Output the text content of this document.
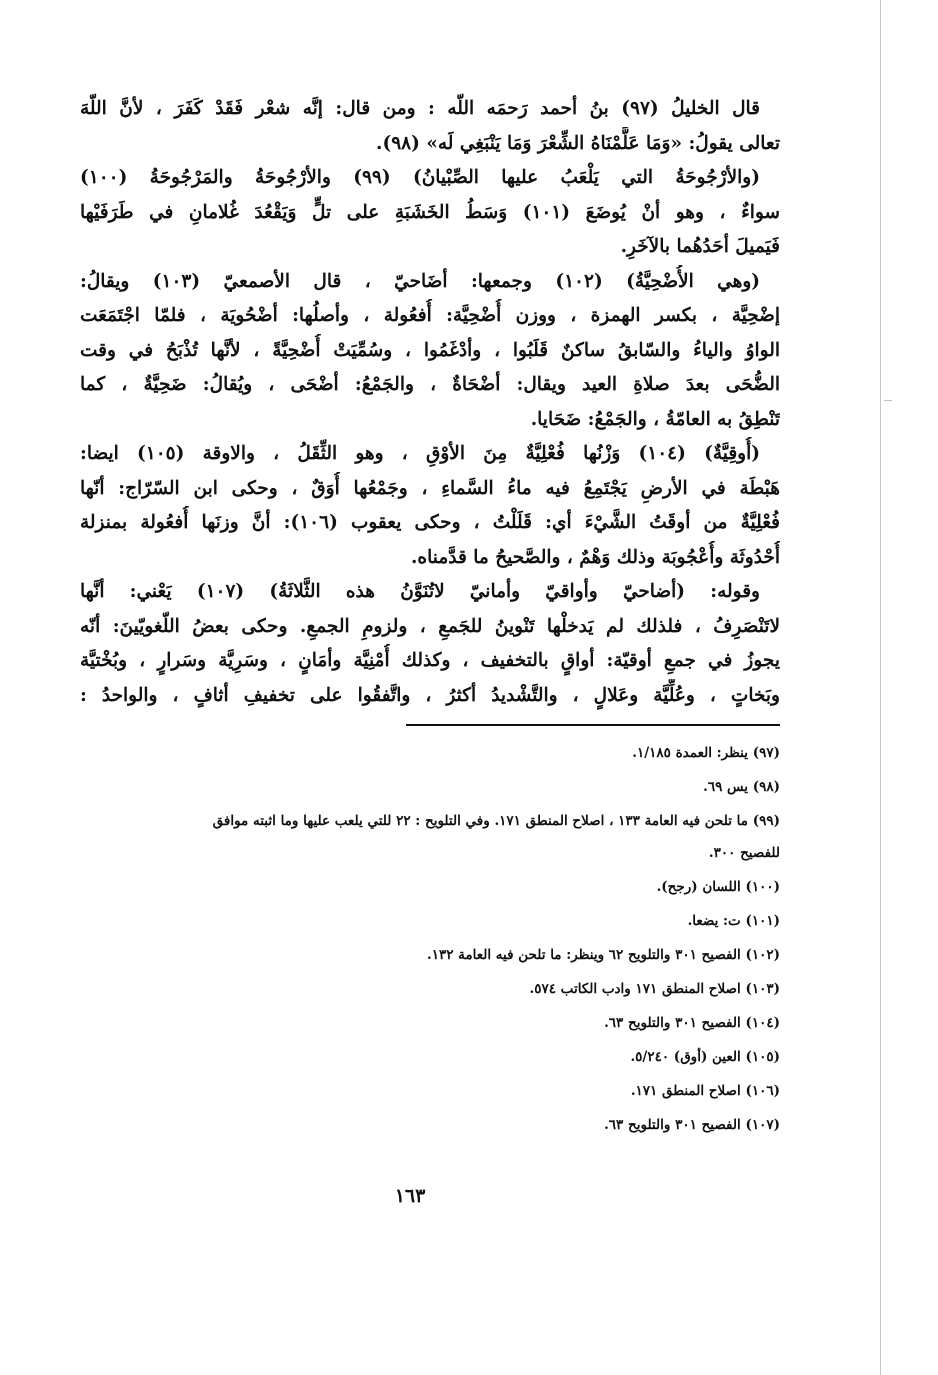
قال الخليلُ (٩٧) بنُ أحمد رَحمَه اللّه : ومن قال: إنَّه شعْر فَقَدْ كَفَرَ ، لأنَّ اللّهَ
تعالى يقولُ: «وَمَا عَلَّمْنَاهُ الشِّعْرَ وَمَا يَنْبَغِي لَه» (٩٨).
(والأرْجُوحَةُ التي يَلْعَبُ عليها الصِّبْيانُ) (٩٩) والأرْجُوحَةُ والمَرْجُوحَةُ (١٠٠)
سواءٌ ، وهو أنْ يُوضَعَ (١٠١) وَسَطُ الخَشَبَةِ على تلٍّ وَيَقْعُدَ غُلامانِ في طَرَفَيْها
فَيَميلَ أحَدُهُما بالآخَرِ.
(وهي الأُضْحِيَّةُ) (١٠٢) وجمعها: أضَاحيّ ، قال الأصمعيّ (١٠٣) ويقالُ:
إضْحِيَّة ، بكسر الهمزة ، ووزن أُضْحِيَّة: أُفعُولة ، وأصلُها: أضْحُويَة ، فلمّا اجْتَمَعَت
الواوُ والياءُ والسّابقُ ساكنٌ قَلَبُوا ، وأدْغَمُوا ، وسُمِّيَتْ أُضْحِيَّةً ، لأنَّها تُذْبَحُ في وقت
الضُّحَى بعدَ صلاةِ العيد ويقال: أضْحَاةٌ ، والجَمْعُ: أضْحَى ، ويُقالُ: ضَحِيَّةٌ ، كما
تَنْطِقُ به العامّةُ ، والجَمْعُ: ضَحَايا.
(أُوقِيَّةٌ) (١٠٤) وَزْنُها فُعْلِيَّةٌ مِنَ الأوْقِ ، وهو الثِّقَلُ ، والاوقة (١٠٥) ايضا:
هَبْطَة في الأرضِ يَجْتَمِعُ فيه ماءُ السَّماءِ ، وجَمْعُها أُوَقٌ ، وحكى ابن السّرّاج: أنّها
فُعْلِيَّةٌ من أوقَتُ الشَّيْءَ أي: قَلَلْتُ ، وحكى يعقوب (١٠٦): أنَّ وزنَها أُفعُولة بمنزلة
أُحْدُوثَة وأُعْجُوبَة وذلك وَهْمٌ ، والصَّحيحُ ما قدَّمناه.
وقوله: (أضاحيّ وأواقيّ وأمانيّ لاتُنَوَّنُ هذه الثَّلاثَةُ) (١٠٧) يَعْني: أنَّها
لاتَنْصَرِفُ ، فلذلك لم يَدخلْها تَنْوينُ للجَمعِ ، ولزومِ الجمعِ. وحكى بعضُ اللّغويّينَ: أنّه
يجوزُ في جمعِ أوقيّة: أواقٍ بالتخفيف ، وكذلك أُمْنِيَّة وأمَانٍ ، وسَرِيَّة وسَرارٍ ، وبُخْتيَّة
وبَخاتٍ ، وعُلِّيَّة وعَلالٍ ، والتَّشْديدُ أكثرُ ، واتَّفقُوا على تخفيفِ أثافٍ ، والواحدُ :
(٩٧) ينظر: العمدة ١/١٨٥.
(٩٨) يس ٦٩.
(٩٩) ما تلحن فيه العامة ١٣٣ ، اصلاح المنطق ١٧١. وفي التلويح : ٢٢ للتي يلعب عليها وما اثبته موافق
للفصيح ٣٠٠.
(١٠٠) اللسان (رجح).
(١٠١) ت: يضعا.
(١٠٢) الفصيح ٣٠١ والتلويح ٦٢ وينظر: ما تلحن فيه العامة ١٣٢.
(١٠٣) اصلاح المنطق ١٧١ وادب الكاتب ٥٧٤.
(١٠٤) الفصيح ٣٠١ والتلويح ٦٣.
(١٠٥) العين (أوق) ٥/٢٤٠.
(١٠٦) اصلاح المنطق ١٧١.
(١٠٧) الفصيح ٣٠١ والتلويح ٦٣.
١٦٣
